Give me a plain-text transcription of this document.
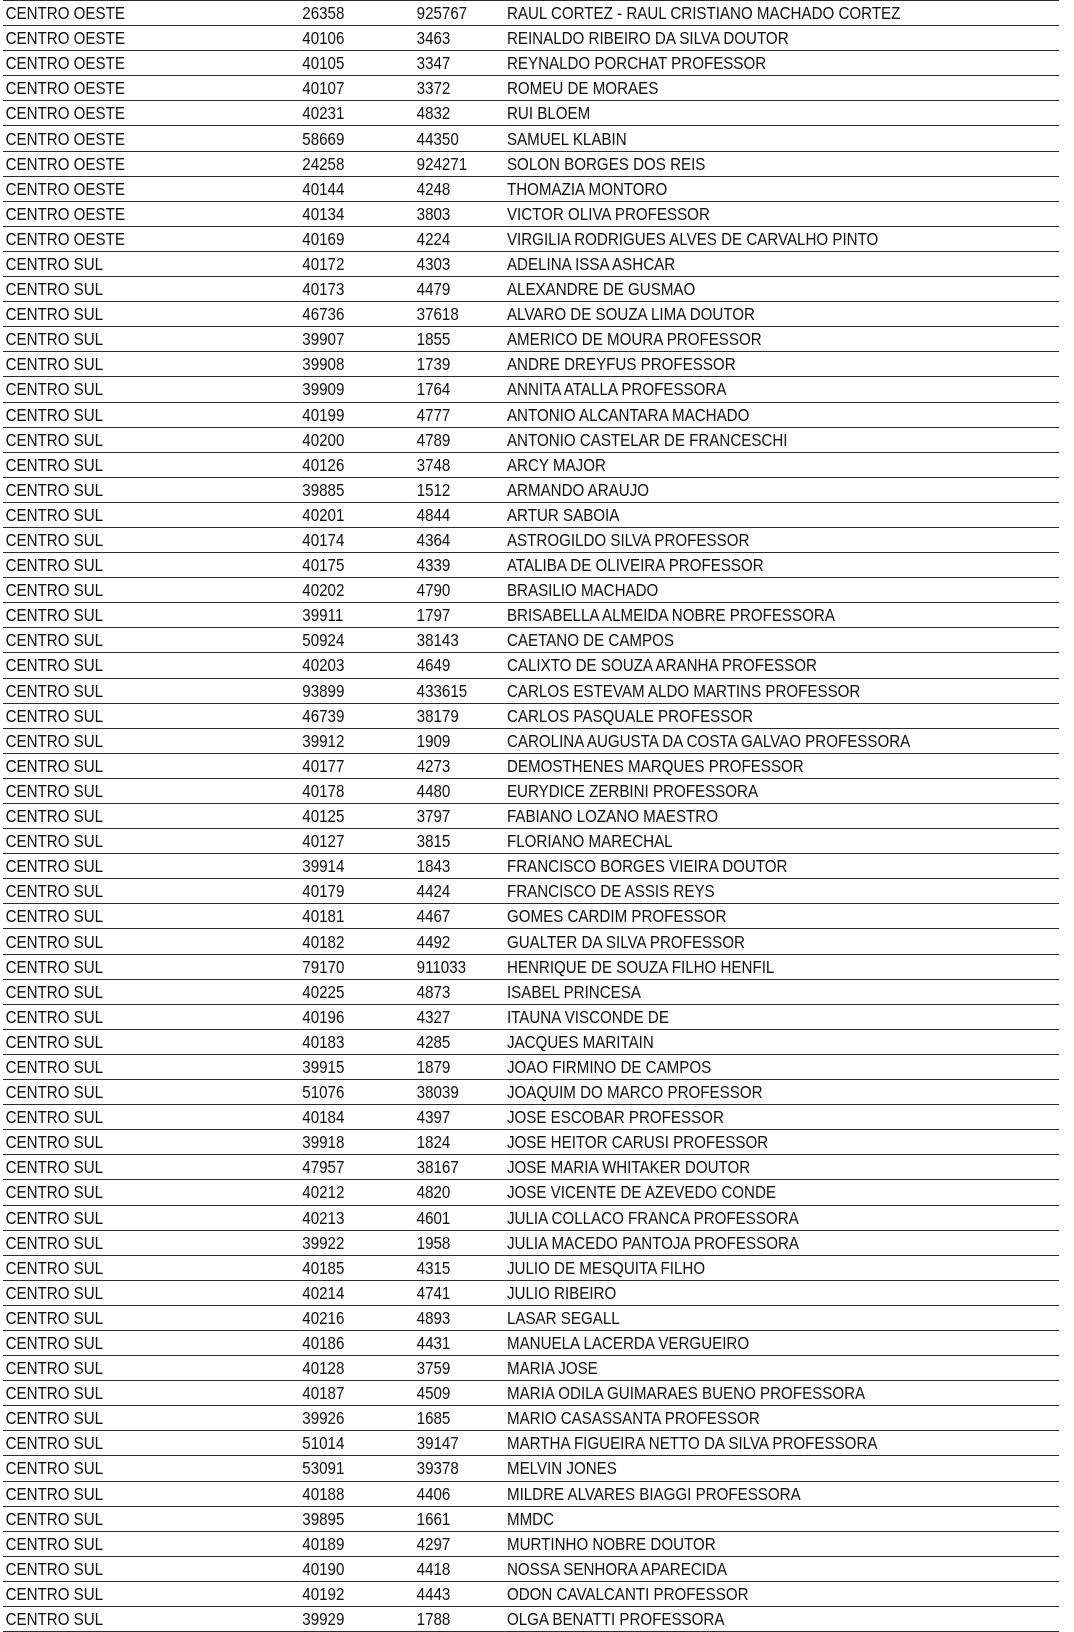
CENTRO OESTE	26358	925767	RAUL CORTEZ - RAUL CRISTIANO MACHADO CORTEZ
CENTRO OESTE	40106	3463	REINALDO RIBEIRO DA SILVA DOUTOR
CENTRO OESTE	40105	3347	REYNALDO PORCHAT PROFESSOR
CENTRO OESTE	40107	3372	ROMEU DE MORAES
CENTRO OESTE	40231	4832	RUI BLOEM
CENTRO OESTE	58669	44350	SAMUEL KLABIN
CENTRO OESTE	24258	924271	SOLON BORGES DOS REIS
CENTRO OESTE	40144	4248	THOMAZIA MONTORO
CENTRO OESTE	40134	3803	VICTOR OLIVA PROFESSOR
CENTRO OESTE	40169	4224	VIRGILIA RODRIGUES ALVES DE CARVALHO PINTO
CENTRO SUL	40172	4303	ADELINA ISSA ASHCAR
CENTRO SUL	40173	4479	ALEXANDRE DE GUSMAO
CENTRO SUL	46736	37618	ALVARO DE SOUZA LIMA DOUTOR
CENTRO SUL	39907	1855	AMERICO DE MOURA PROFESSOR
CENTRO SUL	39908	1739	ANDRE DREYFUS PROFESSOR
CENTRO SUL	39909	1764	ANNITA ATALLA PROFESSORA
CENTRO SUL	40199	4777	ANTONIO ALCANTARA MACHADO
CENTRO SUL	40200	4789	ANTONIO CASTELAR DE FRANCESCHI
CENTRO SUL	40126	3748	ARCY MAJOR
CENTRO SUL	39885	1512	ARMANDO ARAUJO
CENTRO SUL	40201	4844	ARTUR SABOIA
CENTRO SUL	40174	4364	ASTROGILDO SILVA PROFESSOR
CENTRO SUL	40175	4339	ATALIBA DE OLIVEIRA PROFESSOR
CENTRO SUL	40202	4790	BRASILIO MACHADO
CENTRO SUL	39911	1797	BRISABELLA ALMEIDA NOBRE PROFESSORA
CENTRO SUL	50924	38143	CAETANO DE CAMPOS
CENTRO SUL	40203	4649	CALIXTO DE SOUZA ARANHA PROFESSOR
CENTRO SUL	93899	433615	CARLOS ESTEVAM ALDO MARTINS PROFESSOR
CENTRO SUL	46739	38179	CARLOS PASQUALE PROFESSOR
CENTRO SUL	39912	1909	CAROLINA AUGUSTA DA COSTA GALVAO PROFESSORA
CENTRO SUL	40177	4273	DEMOSTHENES MARQUES PROFESSOR
CENTRO SUL	40178	4480	EURYDICE ZERBINI PROFESSORA
CENTRO SUL	40125	3797	FABIANO LOZANO MAESTRO
CENTRO SUL	40127	3815	FLORIANO MARECHAL
CENTRO SUL	39914	1843	FRANCISCO BORGES VIEIRA DOUTOR
CENTRO SUL	40179	4424	FRANCISCO DE ASSIS REYS
CENTRO SUL	40181	4467	GOMES CARDIM PROFESSOR
CENTRO SUL	40182	4492	GUALTER DA SILVA PROFESSOR
CENTRO SUL	79170	911033	HENRIQUE DE SOUZA FILHO HENFIL
CENTRO SUL	40225	4873	ISABEL PRINCESA
CENTRO SUL	40196	4327	ITAUNA VISCONDE DE
CENTRO SUL	40183	4285	JACQUES MARITAIN
CENTRO SUL	39915	1879	JOAO FIRMINO DE CAMPOS
CENTRO SUL	51076	38039	JOAQUIM DO MARCO PROFESSOR
CENTRO SUL	40184	4397	JOSE ESCOBAR PROFESSOR
CENTRO SUL	39918	1824	JOSE HEITOR CARUSI PROFESSOR
CENTRO SUL	47957	38167	JOSE MARIA WHITAKER DOUTOR
CENTRO SUL	40212	4820	JOSE VICENTE DE AZEVEDO CONDE
CENTRO SUL	40213	4601	JULIA COLLACO FRANCA PROFESSORA
CENTRO SUL	39922	1958	JULIA MACEDO PANTOJA PROFESSORA
CENTRO SUL	40185	4315	JULIO DE MESQUITA FILHO
CENTRO SUL	40214	4741	JULIO RIBEIRO
CENTRO SUL	40216	4893	LASAR SEGALL
CENTRO SUL	40186	4431	MANUELA LACERDA VERGUEIRO
CENTRO SUL	40128	3759	MARIA JOSE
CENTRO SUL	40187	4509	MARIA ODILA GUIMARAES BUENO PROFESSORA
CENTRO SUL	39926	1685	MARIO CASASSANTA PROFESSOR
CENTRO SUL	51014	39147	MARTHA FIGUEIRA NETTO DA SILVA PROFESSORA
CENTRO SUL	53091	39378	MELVIN JONES
CENTRO SUL	40188	4406	MILDRE ALVARES BIAGGI PROFESSORA
CENTRO SUL	39895	1661	MMDC
CENTRO SUL	40189	4297	MURTINHO NOBRE DOUTOR
CENTRO SUL	40190	4418	NOSSA SENHORA APARECIDA
CENTRO SUL	40192	4443	ODON CAVALCANTI PROFESSOR
CENTRO SUL	39929	1788	OLGA BENATTI PROFESSORA
